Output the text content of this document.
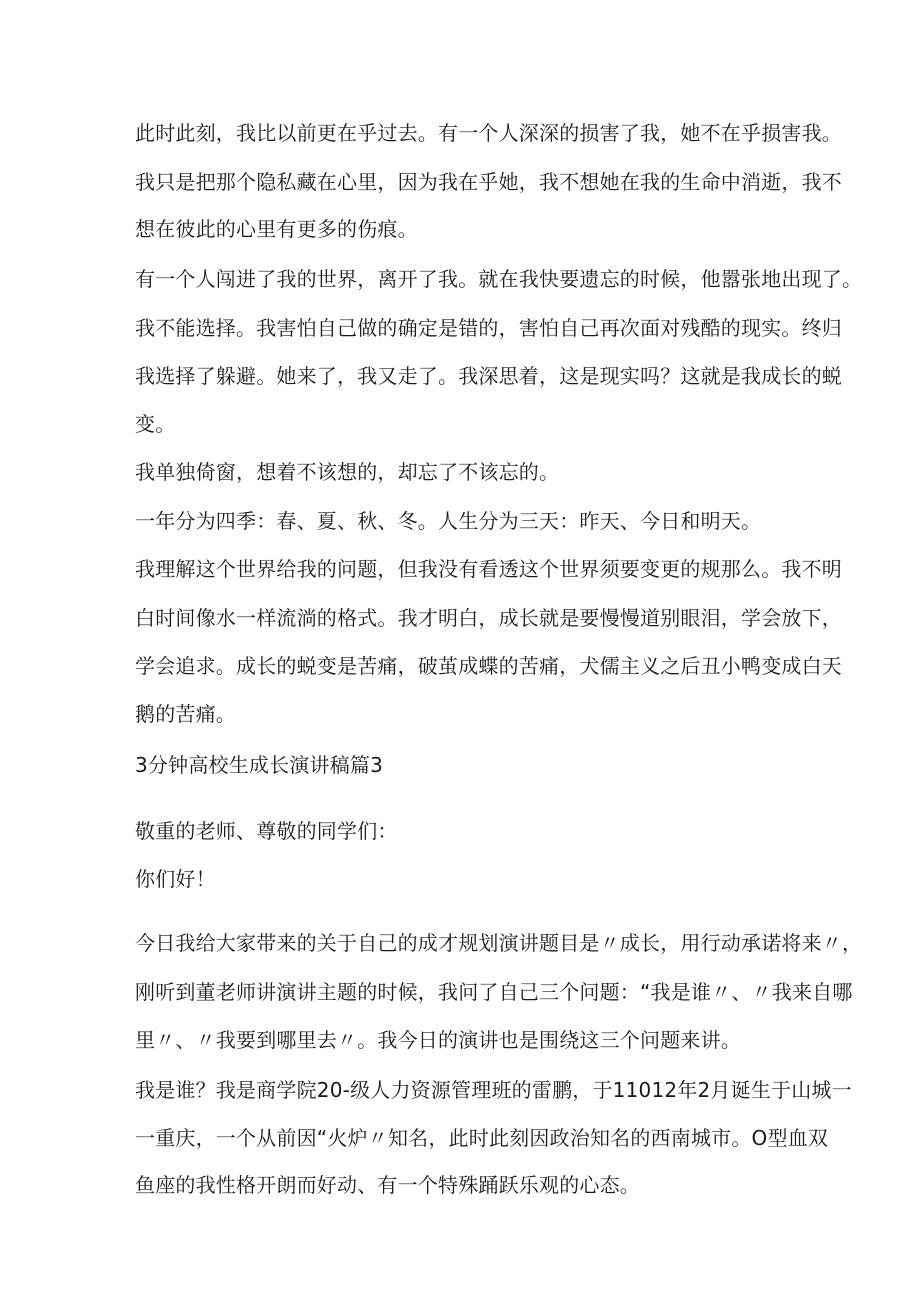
此时此刻，我比以前更在乎过去。有一个人深深的损害了我，她不在乎损害我。

我只是把那个隐私藏在心里，因为我在乎她，我不想她在我的生命中消逝，我不

想在彼此的心里有更多的伤痕。

有一个人闯进了我的世界，离开了我。就在我快要遗忘的时候，他嚣张地出现了。

我不能选择。我害怕自己做的确定是错的，害怕自己再次面对残酷的现实。终归

我选择了躲避。她来了，我又走了。我深思着，这是现实吗？这就是我成长的蜕

变。

我单独倚窗，想着不该想的，却忘了不该忘的。

一年分为四季：春、夏、秋、冬。人生分为三天：昨天、今日和明天。

我理解这个世界给我的问题，但我没有看透这个世界须要变更的规那么。我不明

白时间像水一样流淌的格式。我才明白，成长就是要慢慢道别眼泪，学会放下，

学会追求。成长的蜕变是苦痛，破茧成蝶的苦痛，犬儒主义之后丑小鸭变成白天

鹅的苦痛。

3分钟高校生成长演讲稿篇3

敬重的老师、尊敬的同学们：

你们好！

今日我给大家带来的关于自己的成才规划演讲题目是〃成长，用行动承诺将来〃，

刚听到董老师讲演讲主题的时候，我问了自己三个问题：“我是谁〃、〃我来自哪

里〃、〃我要到哪里去〃。我今日的演讲也是围绕这三个问题来讲。

我是谁？我是商学院20-级人力资源管理班的雷鹏，于11012年2月诞生于山城一

一重庆，一个从前因“火炉〃知名，此时此刻因政治知名的西南城市。O型血双

鱼座的我性格开朗而好动、有一个特殊踊跃乐观的心态。
